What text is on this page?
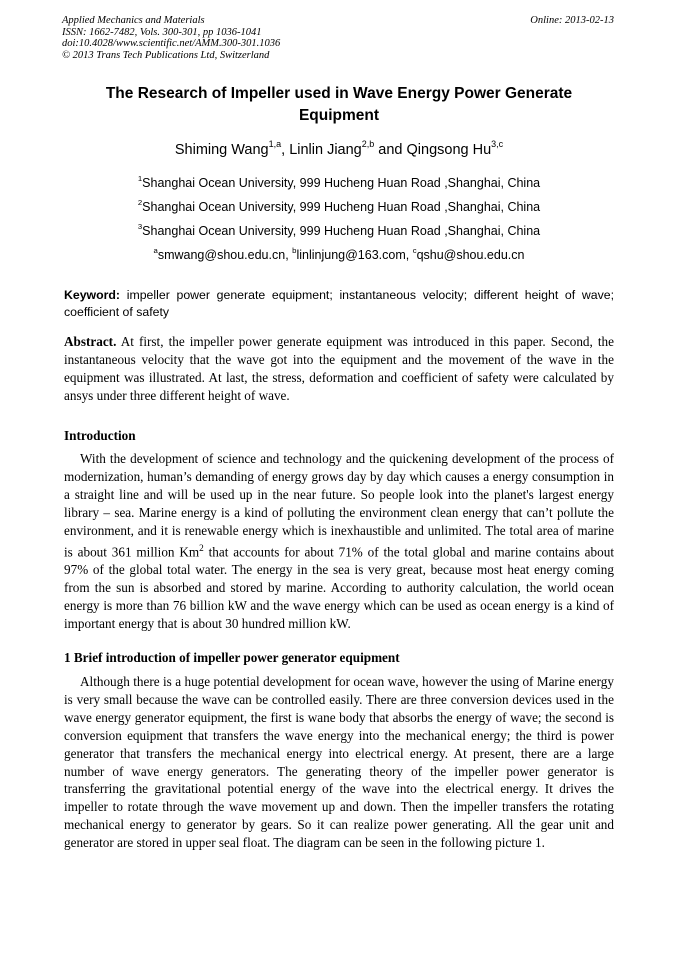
Applied Mechanics and Materials
ISSN: 1662-7482, Vols. 300-301, pp 1036-1041
doi:10.4028/www.scientific.net/AMM.300-301.1036
© 2013 Trans Tech Publications Ltd, Switzerland
Online: 2013-02-13
The Research of Impeller used in Wave Energy Power Generate Equipment
Shiming Wang$^{1,a}$, Linlin Jiang$^{2,b}$ and Qingsong Hu$^{3,c}$
$^1$Shanghai Ocean University, 999 Hucheng Huan Road ,Shanghai, China
$^2$Shanghai Ocean University, 999 Hucheng Huan Road ,Shanghai, China
$^3$Shanghai Ocean University, 999 Hucheng Huan Road ,Shanghai, China
$^a$smwang@shou.edu.cn, $^b$linlinjung@163.com, $^c$qshu@shou.edu.cn
Keyword: impeller power generate equipment; instantaneous velocity; different height of wave; coefficient of safety
Abstract. At first, the impeller power generate equipment was introduced in this paper. Second, the instantaneous velocity that the wave got into the equipment and the movement of the wave in the equipment was illustrated. At last, the stress, deformation and coefficient of safety were calculated by ansys under three different height of wave.
Introduction
With the development of science and technology and the quickening development of the process of modernization, human’s demanding of energy grows day by day which causes a energy consumption in a straight line and will be used up in the near future. So people look into the planet's largest energy library – sea. Marine energy is a kind of polluting the environment clean energy that can’t pollute the environment, and it is renewable energy which is inexhaustible and unlimited. The total area of marine is about 361 million Km$^2$ that accounts for about 71% of the total global and marine contains about 97% of the global total water. The energy in the sea is very great, because most heat energy coming from the sun is absorbed and stored by marine. According to authority calculation, the world ocean energy is more than 76 billion kW and the wave energy which can be used as ocean energy is a kind of important energy that is about 30 hundred million kW.
1 Brief introduction of impeller power generator equipment
Although there is a huge potential development for ocean wave, however the using of Marine energy is very small because the wave can be controlled easily. There are three conversion devices used in the wave energy generator equipment, the first is wane body that absorbs the energy of wave; the second is conversion equipment that transfers the wave energy into the mechanical energy; the third is power generator that transfers the mechanical energy into electrical energy. At present, there are a large number of wave energy generators. The generating theory of the impeller power generator is transferring the gravitational potential energy of the wave into the electrical energy. It drives the impeller to rotate through the wave movement up and down. Then the impeller transfers the rotating mechanical energy to generator by gears. So it can realize power generating. All the gear unit and generator are stored in upper seal float. The diagram can be seen in the following picture 1.
